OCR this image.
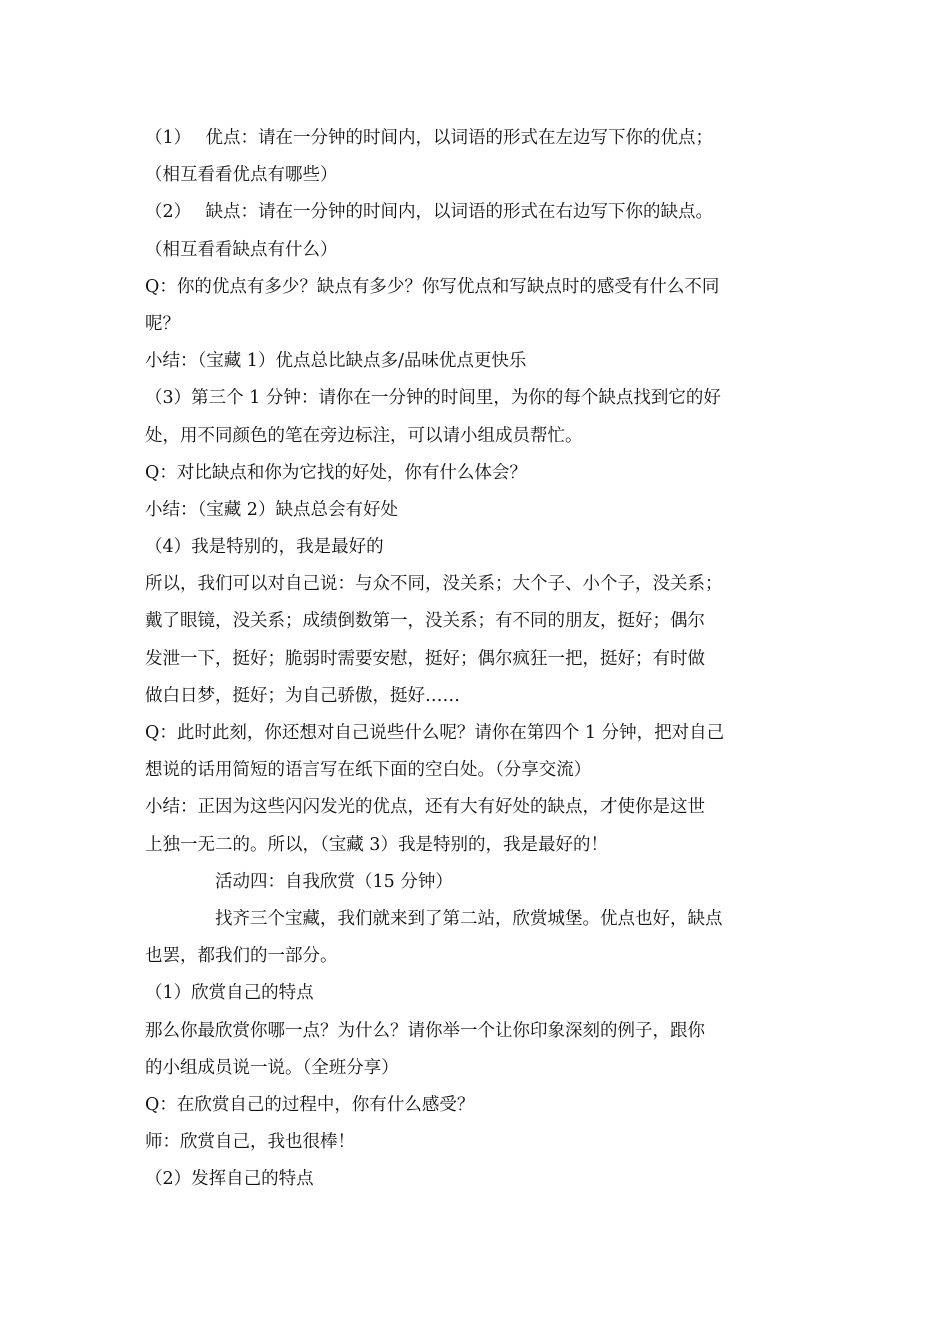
（1）　 优点：请在一分钟的时间内，以词语的形式在左边写下你的优点；
（相互看看优点有哪些）
（2）　 缺点：请在一分钟的时间内，以词语的形式在右边写下你的缺点。
（相互看看缺点有什么）
Q：你的优点有多少？缺点有多少？你写优点和写缺点时的感受有什么不同
呢？
小结：（宝藏 1）优点总比缺点多/品味优点更快乐
（3）第三个 1 分钟：请你在一分钟的时间里，为你的每个缺点找到它的好
处，用不同颜色的笔在旁边标注，可以请小组成员帮忙。
Q：对比缺点和你为它找的好处，你有什么体会？
小结：（宝藏 2）缺点总会有好处
（4）我是特别的，我是最好的
所以，我们可以对自己说：与众不同，没关系；大个子、小个子，没关系；
戴了眼镜，没关系；成绩倒数第一，没关系；有不同的朋友，挺好；偶尔
发泄一下，挺好；脆弱时需要安慰，挺好；偶尔疯狂一把，挺好；有时做
做白日梦，挺好；为自己骄傲，挺好……
Q：此时此刻，你还想对自己说些什么呢？请你在第四个 1 分钟，把对自己
想说的话用简短的语言写在纸下面的空白处。（分享交流）
小结：正因为这些闪闪发光的优点，还有大有好处的缺点，才使你是这世
上独一无二的。所以，（宝藏 3）我是特别的，我是最好的！
活动四：自我欣赏（15 分钟）
找齐三个宝藏，我们就来到了第二站，欣赏城堡。优点也好，缺点
也罢，都我们的一部分。
（1）欣赏自己的特点
那么你最欣赏你哪一点？为什么？请你举一个让你印象深刻的例子，跟你
的小组成员说一说。（全班分享）
Q：在欣赏自己的过程中，你有什么感受？
师：欣赏自己，我也很棒！
（2）发挥自己的特点
